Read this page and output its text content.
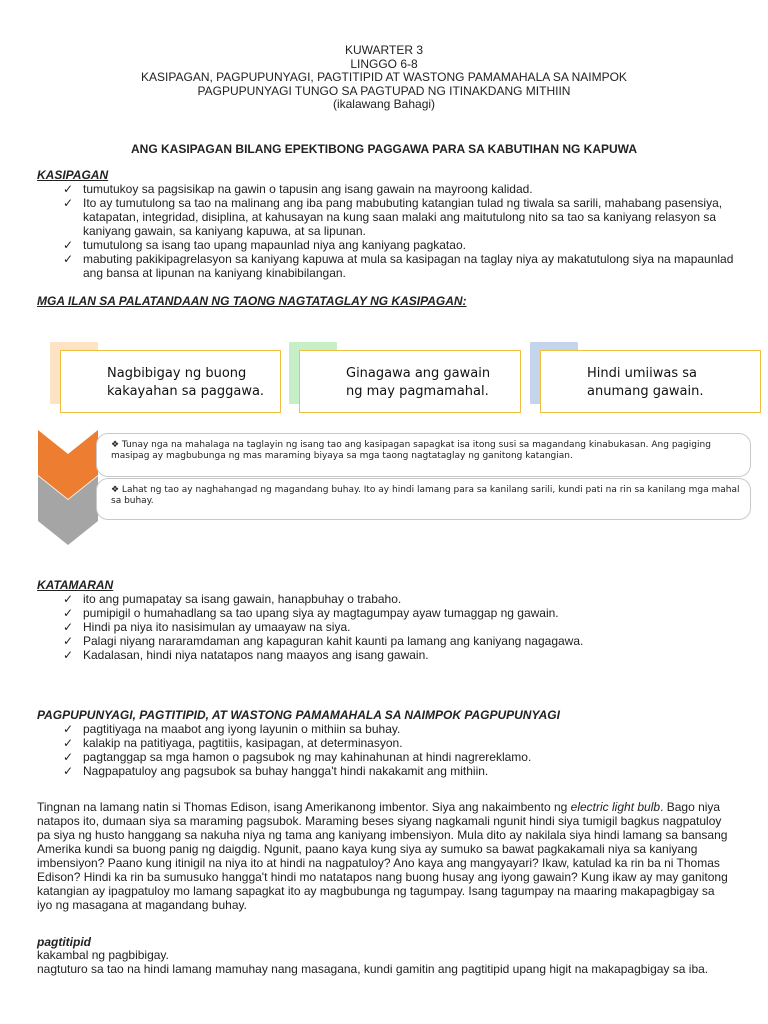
KUWARTER 3
LINGGO 6-8
KASIPAGAN, PAGPUPUNYAGI, PAGTITIPID AT WASTONG PAMAMAHALA SA NAIMPOK
PAGPUPUNYAGI TUNGO SA PAGTUPAD NG ITINAKDANG MITHIIN
(ikalawang Bahagi)
ANG KASIPAGAN BILANG EPEKTIBONG PAGGAWA PARA SA KABUTIHAN NG KAPUWA
KASIPAGAN
✓ tumutukoy sa pagsisikap na gawin o tapusin ang isang gawain na mayroong kalidad.
✓ Ito ay tumutulong sa tao na malinang ang iba pang mabubuting katangian tulad ng tiwala sa sarili, mahabang pasensiya, katapatan, integridad, disiplina, at kahusayan na kung saan malaki ang maitutulong nito sa tao sa kaniyang relasyon sa kaniyang gawain, sa kaniyang kapuwa, at sa lipunan.
✓ tumutulong sa isang tao upang mapaunlad niya ang kaniyang pagkatao.
✓ mabuting pakikipagrelasyon sa kaniyang kapuwa at mula sa kasipagan na taglay niya ay makatutulong siya na mapaunlad ang bansa at lipunan na kaniyang kinabibilangan.
MGA ILAN SA PALATANDAAN NG TAONG NAGTATAGLAY NG KASIPAGAN:
Nagbibigay ng buong
kakayahan sa paggawa.
Ginagawa ang gawain
ng may pagmamahal.
Hindi umiiwas sa
anumang gawain.
❖ Tunay nga na mahalaga na taglayin ng isang tao ang kasipagan sapagkat isa itong susi sa magandang kinabukasan. Ang pagiging masipag ay magbubunga ng mas maraming biyaya sa mga taong nagtataglay ng ganitong katangian.
❖ Lahat ng tao ay naghahangad ng magandang buhay. Ito ay hindi lamang para sa kanilang sarili, kundi pati na rin sa kanilang mga mahal sa buhay.
KATAMARAN
✓ ito ang pumapatay sa isang gawain, hanapbuhay o trabaho.
✓ pumipigil o humahadlang sa tao upang siya ay magtagumpay ayaw tumaggap ng gawain.
✓ Hindi pa niya ito nasisimulan ay umaayaw na siya.
✓ Palagi niyang nararamdaman ang kapaguran kahit kaunti pa lamang ang kaniyang nagagawa.
✓ Kadalasan, hindi niya natatapos nang maayos ang isang gawain.
PAGPUPUNYAGI, PAGTITIPID, AT WASTONG PAMAMAHALA SA NAIMPOK PAGPUPUNYAGI
✓ pagtitiyaga na maabot ang iyong layunin o mithiin sa buhay.
✓ kalakip na patitiyaga, pagtitiis, kasipagan, at determinasyon.
✓ pagtanggap sa mga hamon o pagsubok ng may kahinahunan at hindi nagrereklamo.
✓ Nagpapatuloy ang pagsubok sa buhay hangga't hindi nakakamit ang mithiin.
Tingnan na lamang natin si Thomas Edison, isang Amerikanong imbentor. Siya ang nakaimbento ng electric light bulb. Bago niya natapos ito, dumaan siya sa maraming pagsubok. Maraming beses siyang nagkamali ngunit hindi siya tumigil bagkus nagpatuloy pa siya ng husto hanggang sa nakuha niya ng tama ang kaniyang imbensiyon. Mula dito ay nakilala siya hindi lamang sa bansang Amerika kundi sa buong panig ng daigdig. Ngunit, paano kaya kung siya ay sumuko sa bawat pagkakamali niya sa kaniyang imbensiyon? Paano kung itinigil na niya ito at hindi na nagpatuloy? Ano kaya ang mangyayari? Ikaw, katulad ka rin ba ni Thomas Edison? Hindi ka rin ba sumusuko hangga't hindi mo natatapos nang buong husay ang iyong gawain? Kung ikaw ay may ganitong katangian ay ipagpatuloy mo lamang sapagkat ito ay magbubunga ng tagumpay. Isang tagumpay na maaring makapagbigay sa iyo ng masagana at magandang buhay.
pagtitipid
kakambal ng pagbibigay.
nagtuturo sa tao na hindi lamang mamuhay nang masagana, kundi gamitin ang pagtitipid upang higit na makapagbigay sa iba.
